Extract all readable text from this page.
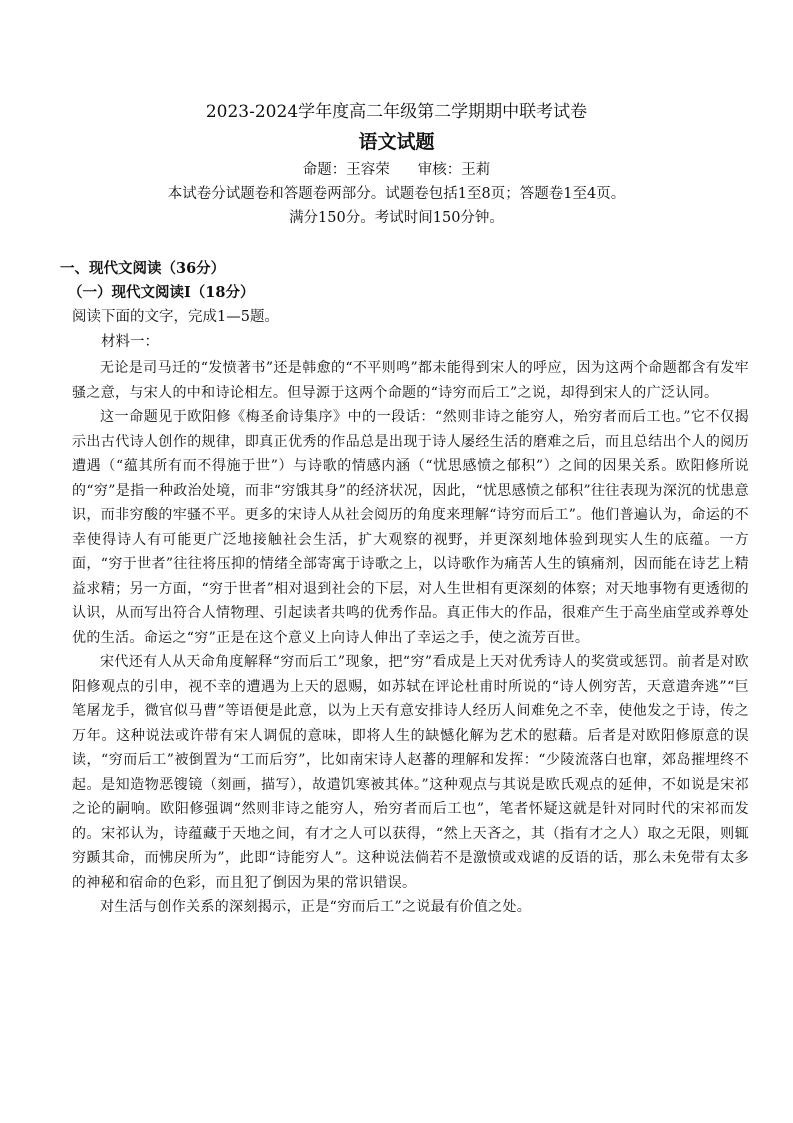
2023-2024学年度高二年级第二学期期中联考试卷
语文试题
命题：王容荣 审核：王莉
本试卷分试题卷和答题卷两部分。试题卷包括1至8页；答题卷1至4页。
满分150分。考试时间150分钟。
一、现代文阅读（36分）
（一）现代文阅读Ⅰ（18分）
阅读下面的文字，完成1—5题。
材料一：

无论是司马迁的“发愤著书”还是韩愈的“不平则鸣”都未能得到宋人的呼应，因为这两个命题都含有发牢骚之意，与宋人的中和诗论相左。但导源于这两个命题的“诗穷而后工”之说，却得到宋人的广泛认同。

这一命题见于欧阳修《梅圣俞诗集序》中的一段话：“然则非诗之能穷人，殆穷者而后工也。”它不仅揭示出古代诗人创作的规律，即真正优秀的作品总是出现于诗人屡经生活的磨难之后，而且总结出个人的阅历遭遇（“蕴其所有而不得施于世”）与诗歌的情感内涵（“忧思感愤之郁积”）之间的因果关系。欧阳修所说的“穷”是指一种政治处境，而非“穷饿其身”的经济状况，因此，“忧思感愤之郁积”往往表现为深沉的忧患意识，而非穷酸的牢骚不平。更多的宋诗人从社会阅历的角度来理解“诗穷而后工”。他们普遍认为，命运的不幸使得诗人有可能更广泛地接触社会生活，扩大观察的视野，并更深刻地体验到现实人生的底蕴。一方面，“穷于世者”往往将压抑的情绪全部寄寓于诗歌之上，以诗歌作为痛苦人生的镇痛剂，因而能在诗艺上精益求精；另一方面，“穷于世者”相对退到社会的下层，对人生世相有更深刻的体察；对天地事物有更透彻的认识，从而写出符合人情物理、引起读者共鸣的优秀作品。真正伟大的作品，很难产生于高坐庙堂或养尊处优的生活。命运之“穷”正是在这个意义上向诗人伸出了幸运之手，使之流芳百世。

宋代还有人从天命角度解释“穷而后工”现象，把“穷”看成是上天对优秀诗人的奖赏或惩罚。前者是对欧阳修观点的引申，视不幸的遭遇为上天的恩赐，如苏轼在评论杜甫时所说的“诗人例穷苦，天意遣奔逃”“巨笔屠龙手，微官似马曹”等语便是此意，以为上天有意安排诗人经历人间难免之不幸，使他发之于诗，传之万年。这种说法或许带有宋人调侃的意味，即将人生的缺憾化解为艺术的慰藉。后者是对欧阳修原意的误读，“穷而后工”被倒置为“工而后穷”，比如南宋诗人赵蕃的理解和发挥：“少陵流落白也窜，郊岛摧埋终不起。是知造物恶锼镜（刻画，描写），故遣饥寒被其体。”这种观点与其说是欧氏观点的延伸，不如说是宋祁之论的嗣响。欧阳修强调“然则非诗之能穷人，殆穷者而后工也”，笔者怀疑这就是针对同时代的宋祁而发的。宋祁认为，诗蕴藏于天地之间，有才之人可以获得，“然上天吝之，其（指有才之人）取之无限，则辄穷踬其命，而怫戾所为”，此即“诗能穷人”。这种说法倘若不是激愤或戏谑的反语的话，那么未免带有太多的神秘和宿命的色彩，而且犯了倒因为果的常识错误。

对生活与创作关系的深刻揭示，正是“穷而后工”之说最有价值之处。
